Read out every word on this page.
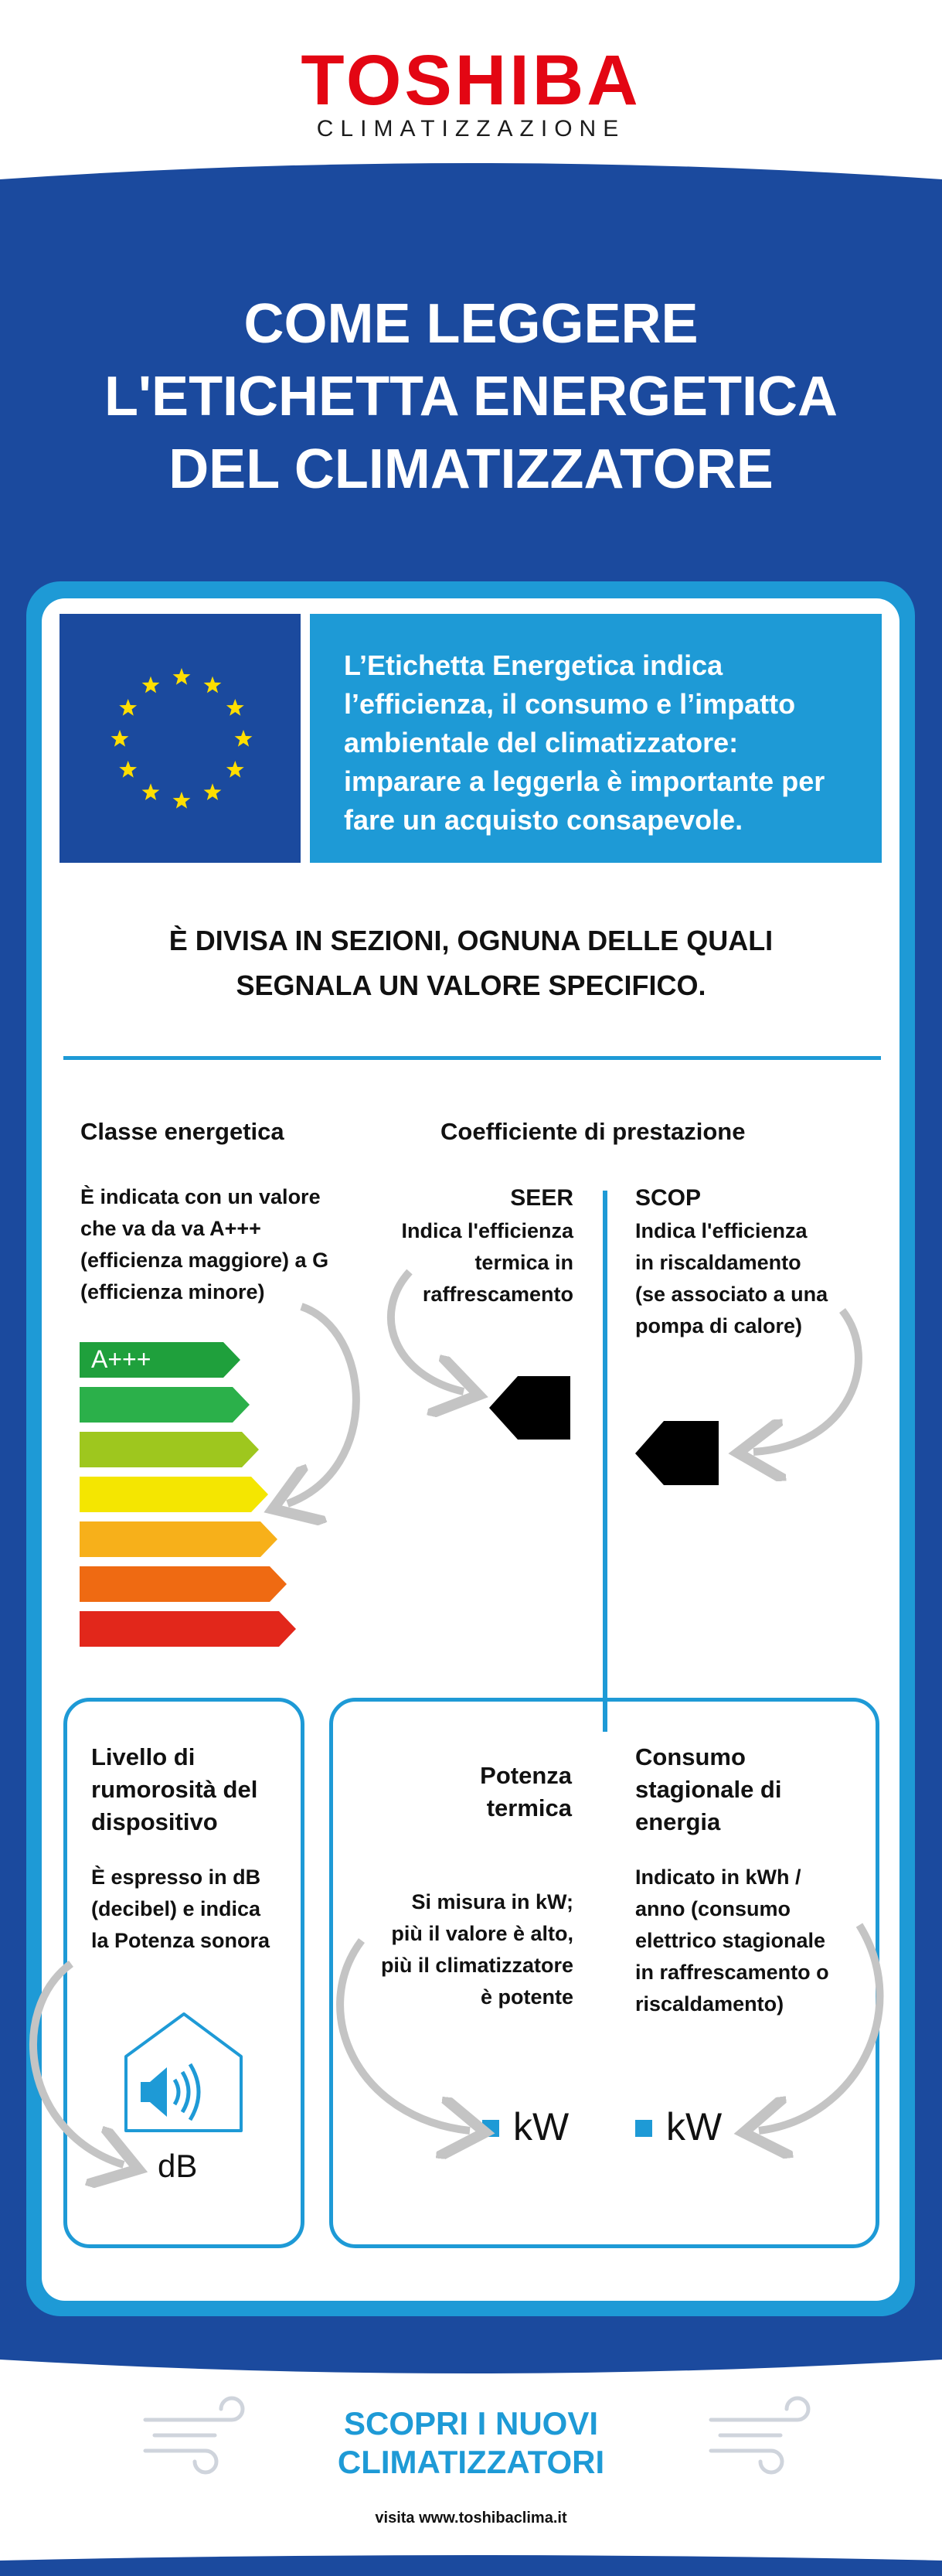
TOSHIBA
CLIMATIZZAZIONE
COME LEGGERE
L'ETICHETTA ENERGETICA
DEL CLIMATIZZATORE
L’Etichetta Energetica indica l’efficienza, il consumo e l’impatto ambientale del climatizzatore: imparare a leggerla è importante per fare un acquisto consapevole.
È DIVISA IN SEZIONI, OGNUNA DELLE QUALI
SEGNALA UN VALORE SPECIFICO.
Classe energetica
È indicata con un valore
che va da va A+++
(efficienza maggiore) a G
(efficienza minore)
A+++
Coefficiente di prestazione
SEER
Indica l'efficienza
termica in
raffrescamento
SCOP
Indica l'efficienza
in riscaldamento
(se associato a una
pompa di calore)
Livello di
rumorosità del
dispositivo
È espresso in dB
(decibel) e indica
la Potenza sonora
dB
Potenza
termica
Si misura in kW;
più il valore è alto,
più il climatizzatore
è potente
Consumo
stagionale di
energia
Indicato in kWh /
anno (consumo
elettrico stagionale
in raffrescamento o
riscaldamento)
kW	kW
SCOPRI I NUOVI
CLIMATIZZATORI
visita www.toshibaclima.it
